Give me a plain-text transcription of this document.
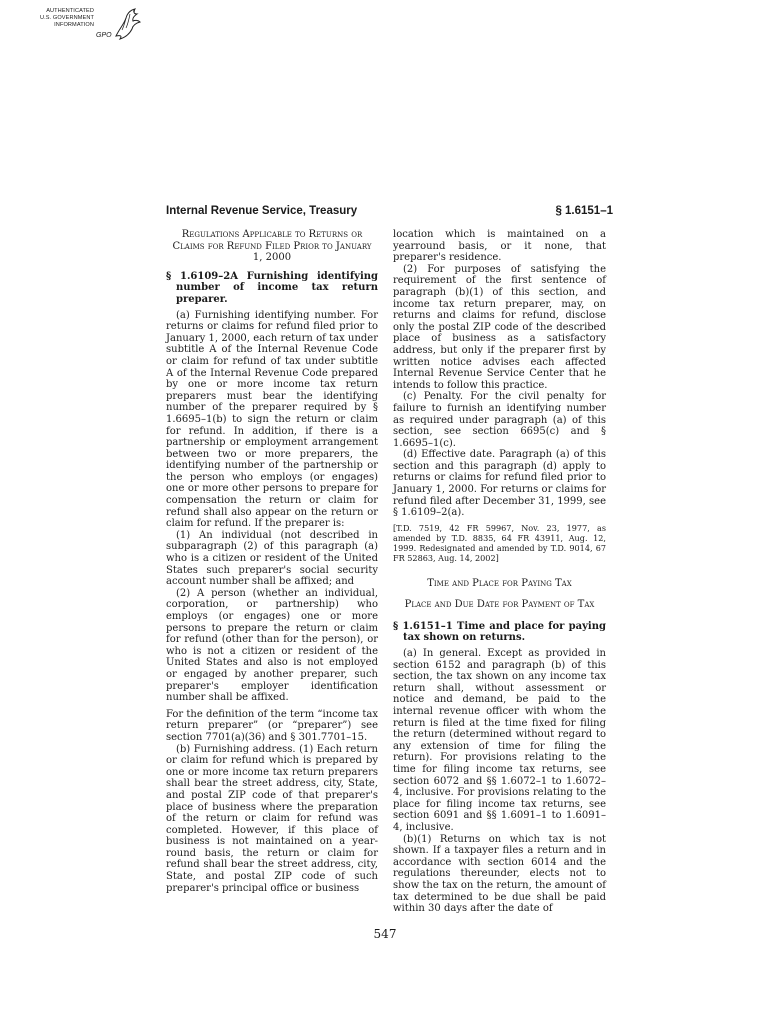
AUTHENTICATED
U.S. GOVERNMENT
INFORMATION
GPO
Internal Revenue Service, Treasury	§ 1.6151–1

Regulations Applicable to Returns or Claims for Refund Filed Prior to January 1, 2000

§ 1.6109–2A Furnishing identifying number of income tax return preparer.

(a) Furnishing identifying number. For returns or claims for refund filed prior to January 1, 2000, each return of tax under subtitle A of the Internal Revenue Code or claim for refund of tax under subtitle A of the Internal Revenue Code prepared by one or more income tax return preparers must bear the identifying number of the preparer required by § 1.6695–1(b) to sign the return or claim for refund. In addition, if there is a partnership or employment arrangement between two or more preparers, the identifying number of the partnership or the person who employs (or engages) one or more other persons to prepare for compensation the return or claim for refund shall also appear on the return or claim for refund. If the preparer is:

(1) An individual (not described in subparagraph (2) of this paragraph (a) who is a citizen or resident of the United States such preparer's social security account number shall be affixed; and

(2) A person (whether an individual, corporation, or partnership) who employs (or engages) one or more persons to prepare the return or claim for refund (other than for the person), or who is not a citizen or resident of the United States and also is not employed or engaged by another preparer, such preparer's employer identification number shall be affixed.

For the definition of the term “income tax return preparer” (or “preparer”) see section 7701(a)(36) and § 301.7701–15.

(b) Furnishing address. (1) Each return or claim for refund which is prepared by one or more income tax return preparers shall bear the street address, city, State, and postal ZIP code of that preparer's place of business where the preparation of the return or claim for refund was completed. However, if this place of business is not maintained on a year-round basis, the return or claim for refund shall bear the street address, city, State, and postal ZIP code of such preparer's principal office or business

location which is maintained on a yearround basis, or it none, that preparer's residence.

(2) For purposes of satisfying the requirement of the first sentence of paragraph (b)(1) of this section, and income tax return preparer, may, on returns and claims for refund, disclose only the postal ZIP code of the described place of business as a satisfactory address, but only if the preparer first by written notice advises each affected Internal Revenue Service Center that he intends to follow this practice.

(c) Penalty. For the civil penalty for failure to furnish an identifying number as required under paragraph (a) of this section, see section 6695(c) and § 1.6695–1(c).

(d) Effective date. Paragraph (a) of this section and this paragraph (d) apply to returns or claims for refund filed prior to January 1, 2000. For returns or claims for refund filed after December 31, 1999, see § 1.6109–2(a).

[T.D. 7519, 42 FR 59967, Nov. 23, 1977, as amended by T.D. 8835, 64 FR 43911, Aug. 12, 1999. Redesignated and amended by T.D. 9014, 67 FR 52863, Aug. 14, 2002]

Time and Place for Paying Tax

Place and Due Date for Payment of Tax

§ 1.6151–1 Time and place for paying tax shown on returns.

(a) In general. Except as provided in section 6152 and paragraph (b) of this section, the tax shown on any income tax return shall, without assessment or notice and demand, be paid to the internal revenue officer with whom the return is filed at the time fixed for filing the return (determined without regard to any extension of time for filing the return). For provisions relating to the time for filing income tax returns, see section 6072 and §§ 1.6072–1 to 1.6072–4, inclusive. For provisions relating to the place for filing income tax returns, see section 6091 and §§ 1.6091–1 to 1.6091–4, inclusive.

(b)(1) Returns on which tax is not shown. If a taxpayer files a return and in accordance with section 6014 and the regulations thereunder, elects not to show the tax on the return, the amount of tax determined to be due shall be paid within 30 days after the date of

547
